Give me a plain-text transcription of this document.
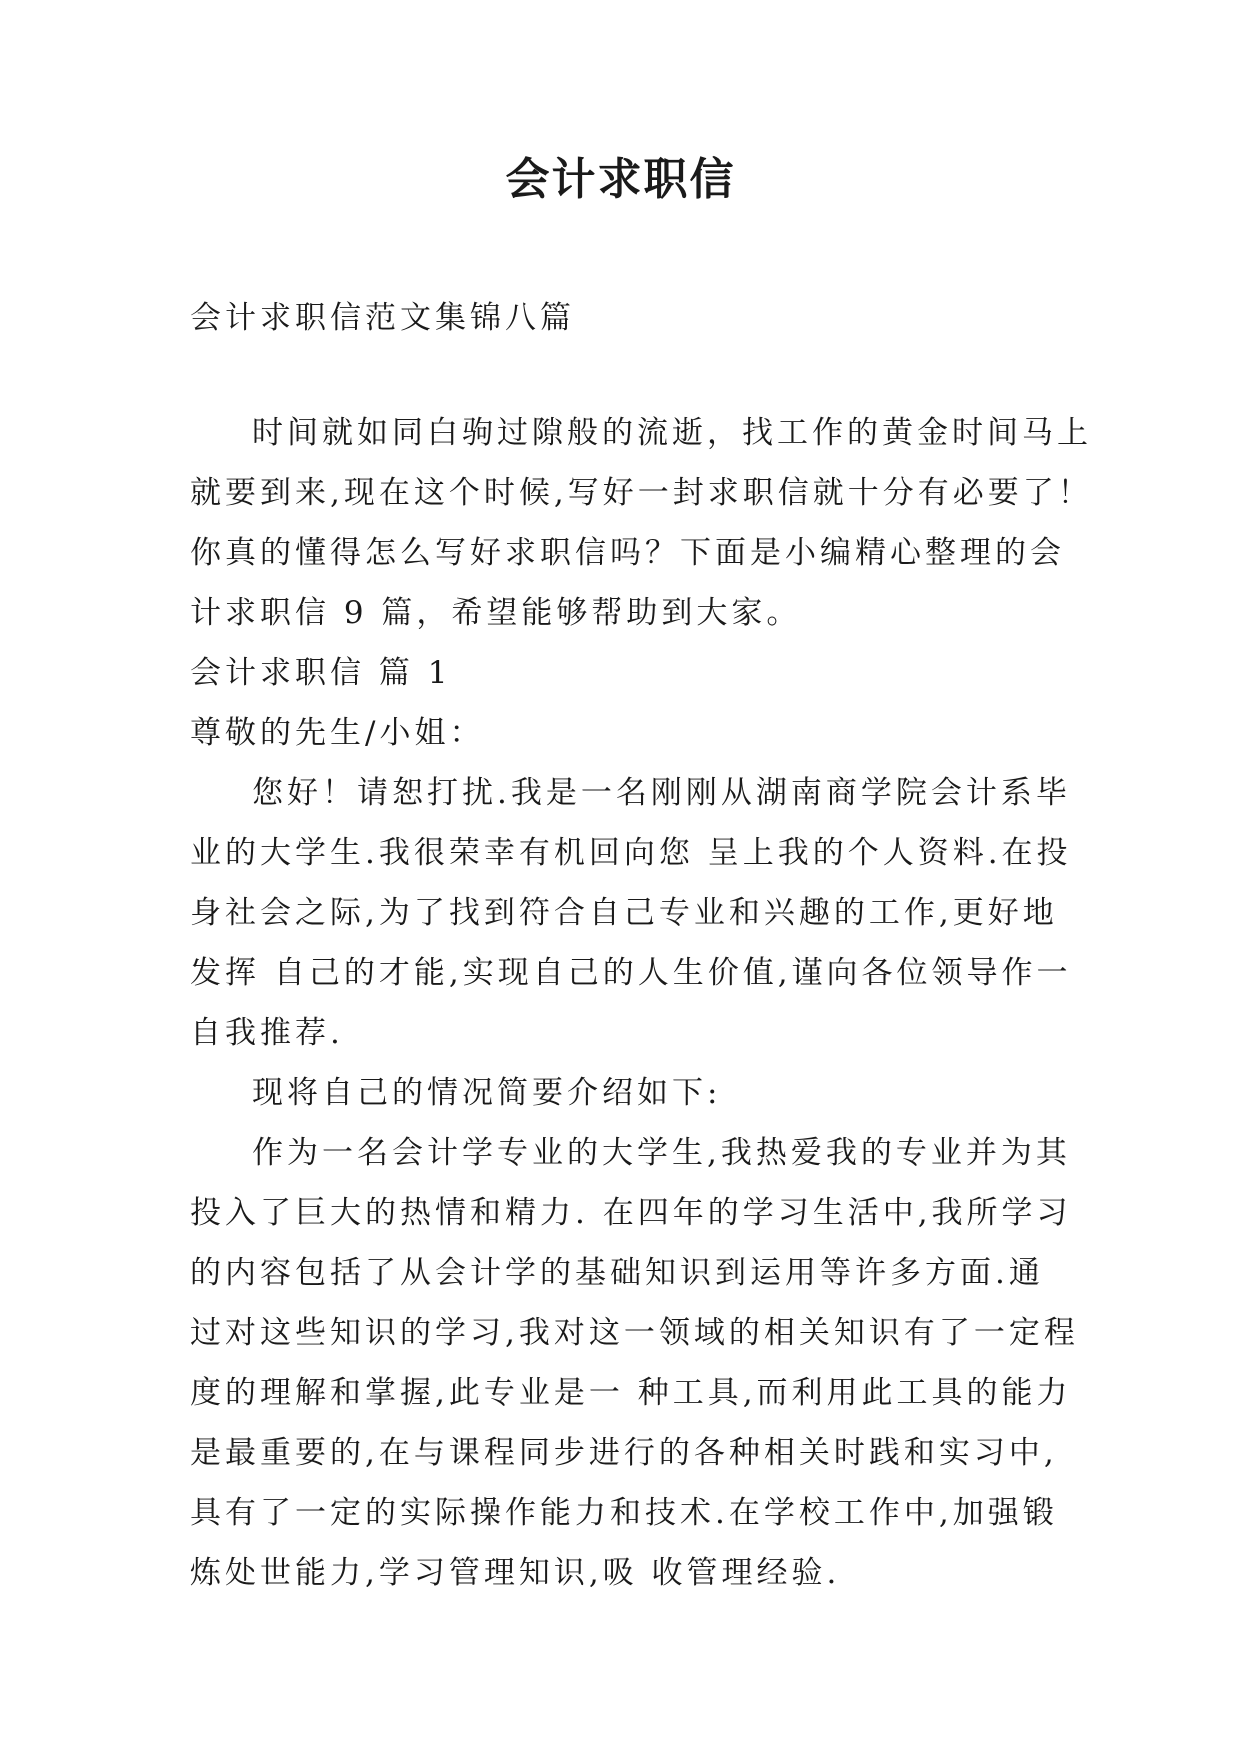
会计求职信
会计求职信范文集锦八篇
时间就如同白驹过隙般的流逝，找工作的黄金时间马上
就要到来,现在这个时候,写好一封求职信就十分有必要了！
你真的懂得怎么写好求职信吗？下面是小编精心整理的会
计求职信 9 篇，希望能够帮助到大家。
会计求职信 篇 1
尊敬的先生/小姐：
您好！请恕打扰.我是一名刚刚从湖南商学院会计系毕
业的大学生.我很荣幸有机回向您 呈上我的个人资料.在投
身社会之际,为了找到符合自己专业和兴趣的工作,更好地
发挥 自己的才能,实现自己的人生价值,谨向各位领导作一
自我推荐.
现将自己的情况简要介绍如下:
作为一名会计学专业的大学生,我热爱我的专业并为其
投入了巨大的热情和精力. 在四年的学习生活中,我所学习
的内容包括了从会计学的基础知识到运用等许多方面.通
过对这些知识的学习,我对这一领域的相关知识有了一定程
度的理解和掌握,此专业是一 种工具,而利用此工具的能力
是最重要的,在与课程同步进行的各种相关时践和实习中,
具有了一定的实际操作能力和技术.在学校工作中,加强锻
炼处世能力,学习管理知识,吸 收管理经验.
